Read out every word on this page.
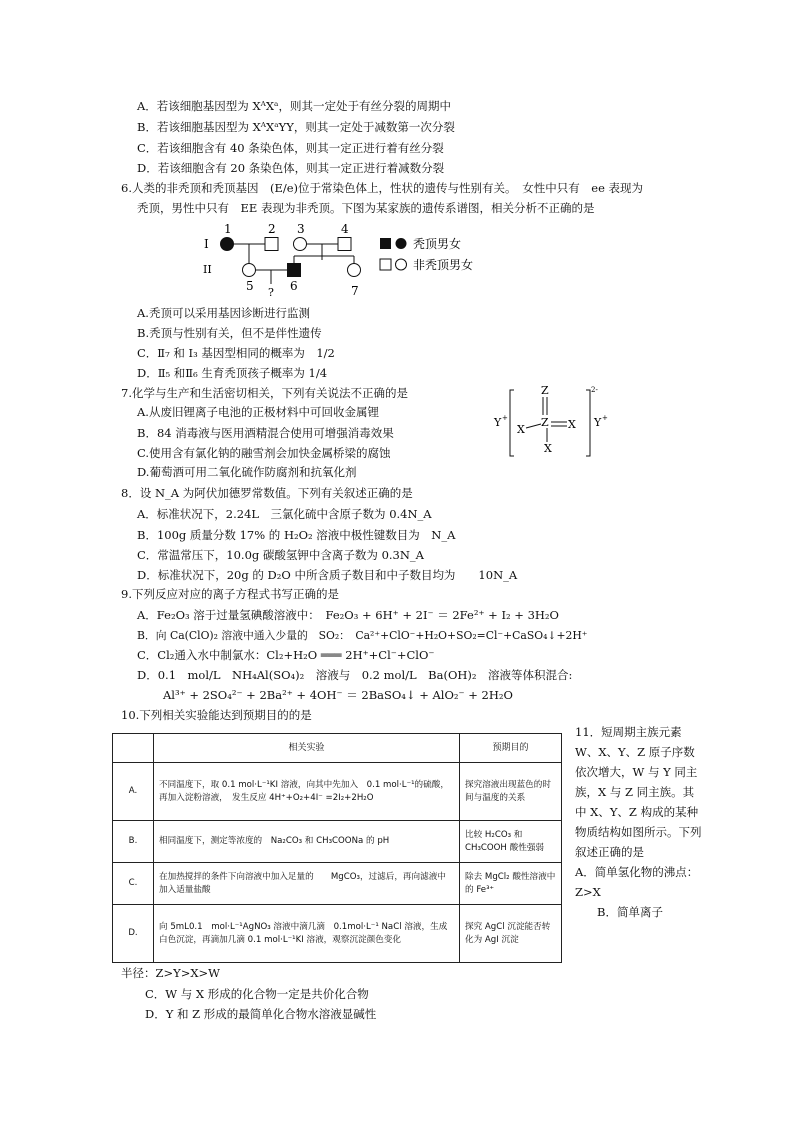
A．若该细胞基因型为 XᴬXᵃ，则其一定处于有丝分裂的周期中
B．若该细胞基因型为 XᴬXᵃYY，则其一定处于减数第一次分裂
C．若该细胞含有 40 条染色体，则其一定正进行着有丝分裂
D．若该细胞含有 20 条染色体，则其一定正进行着减数分裂
6.人类的非秃顶和秃顶基因　(E/e)位于常染色体上，性状的遗传与性别有关。　女性中只有　ee 表现为
秃顶，男性中只有　EE 表现为非秃顶。下图为某家族的遗传系谱图，相关分析不正确的是
1	2 3	4
5	6	7
?
I
II
秃顶男女
非秃顶男女
A.秃顶可以采用基因诊断进行监测
B.秃顶与性别有关，但不是伴性遗传
C．Ⅱ₇ 和 Ⅰ₃ 基因型相同的概率为　1/2
D．Ⅱ₅ 和Ⅱ₆ 生育秃顶孩子概率为 1/4
7.化学与生产和生活密切相关，下列有关说法不正确的是
A.从废旧锂离子电池的正极材料中可回收金属锂
B．84 消毒液与医用酒精混合使用可增强消毒效果
C.使用含有氯化钠的融雪剂会加快金属桥梁的腐蚀
D.葡萄酒可用二氧化硫作防腐剂和抗氧化剂
Y +
2-
Y +
Z
Z
X	X
X
8．设 N_A 为阿伏加德罗常数值。下列有关叙述正确的是
A．标准状况下，2.24L　三氯化硫中含原子数为 0.4N_A
B．100g 质量分数 17% 的 H₂O₂ 溶液中极性键数目为　N_A
C．常温常压下，10.0g 碳酸氢钾中含离子数为 0.3N_A
D．标准状况下，20g 的 D₂O 中所含质子数目和中子数目均为　　10N_A
9.下列反应对应的离子方程式书写正确的是
A．Fe₂O₃ 溶于过量氢碘酸溶液中：　Fe₂O₃ + 6H⁺ + 2I⁻ ＝ 2Fe²⁺ + I₂ + 3H₂O
B．向 Ca(ClO)₂ 溶液中通入少量的　SO₂：　Ca²⁺+ClO⁻+H₂O+SO₂=Cl⁻+CaSO₄↓+2H⁺
C．Cl₂通入水中制氯水：Cl₂+H₂O ═══ 2H⁺+Cl⁻+ClO⁻
D．0.1　mol/L　NH₄Al(SO₄)₂　溶液与　0.2 mol/L　Ba(OH)₂　溶液等体积混合:
Al³⁺ + 2SO₄²⁻ + 2Ba²⁺ + 4OH⁻ ＝ 2BaSO₄↓ + AlO₂⁻ + 2H₂O
10.下列相关实验能达到预期目的的是
	相关实验	预期目的
A.	不同温度下，取 0.1 mol·L⁻¹KI 溶液，向其中先加入　0.1 mol·L⁻¹的硫酸，再加入淀粉溶液，　发生反应 4H⁺+O₂+4I⁻ =2I₂+2H₂O	探究溶液出现蓝色的时间与温度的关系
B.	相同温度下，测定等浓度的　Na₂CO₃ 和 CH₃COONa 的 pH	比较 H₂CO₃ 和 CH₃COOH 酸性强弱
C.	在加热搅拌的条件下向溶液中加入足量的　　MgCO₃，过滤后，再向滤液中加入适量盐酸	除去 MgCl₂ 酸性溶液中的 Fe³⁺
D.	向 5mL0.1　mol·L⁻¹AgNO₃ 溶液中滴几滴　0.1mol·L⁻¹ NaCl 溶液，生成白色沉淀，再滴加几滴 0.1 mol·L⁻¹KI 溶液，观察沉淀颜色变化	探究 AgCl 沉淀能否转化为 AgI 沉淀
11．短周期主族元素 W、X、Y、Z 原子序数依次增大，W 与 Y 同主族，X 与 Z 同主族。其中 X、Y、Z 构成的某种物质结构如图所示。下列叙述正确的是
A．简单氢化物的沸点：Z>X
B．简单离子
半径：Z>Y>X>W
C．W 与 X 形成的化合物一定是共价化合物
D．Y 和 Z 形成的最简单化合物水溶液显碱性
